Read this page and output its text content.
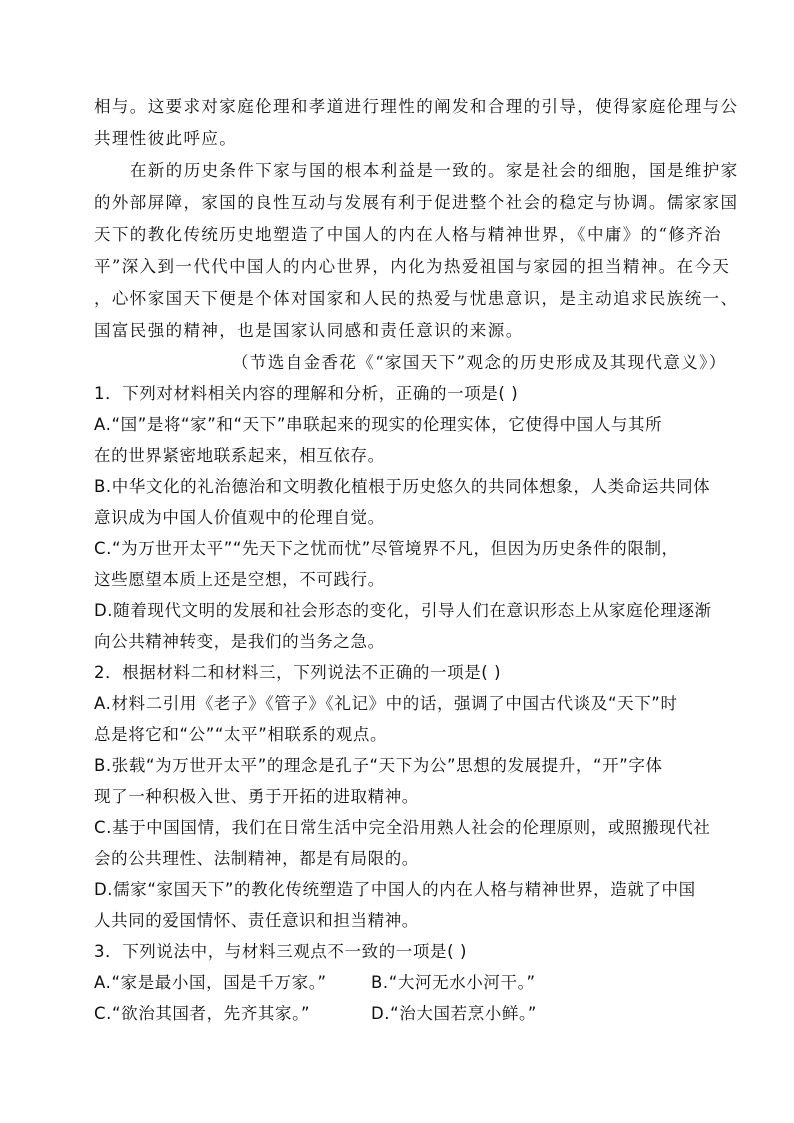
相与。这要求对家庭伦理和孝道进行理性的阐发和合理的引导，使得家庭伦理与公
共理性彼此呼应。
在新的历史条件下家与国的根本利益是一致的。家是社会的细胞，国是维护家
的外部屏障，家国的良性互动与发展有利于促进整个社会的稳定与协调。儒家家国
天下的教化传统历史地塑造了中国人的内在人格与精神世界，《中庸》的“修齐治
平”深入到一代代中国人的内心世界，内化为热爱祖国与家园的担当精神。在今天
，心怀家国天下便是个体对国家和人民的热爱与忧患意识，是主动追求民族统一、
国富民强的精神，也是国家认同感和责任意识的来源。
（节选自金香花《“家国天下”观念的历史形成及其现代意义》）
1．下列对材料相关内容的理解和分析，正确的一项是( )
A.“国”是将“家”和“天下”串联起来的现实的伦理实体，它使得中国人与其所
在的世界紧密地联系起来，相互依存。
B.中华文化的礼治德治和文明教化植根于历史悠久的共同体想象，人类命运共同体
意识成为中国人价值观中的伦理自觉。
C.“为万世开太平”“先天下之忧而忧”尽管境界不凡，但因为历史条件的限制，
这些愿望本质上还是空想，不可践行。
D.随着现代文明的发展和社会形态的变化，引导人们在意识形态上从家庭伦理逐渐
向公共精神转变，是我们的当务之急。
2．根据材料二和材料三，下列说法不正确的一项是( )
A.材料二引用《老子》《管子》《礼记》中的话，强调了中国古代谈及“天下”时
总是将它和“公”“太平”相联系的观点。
B.张载“为万世开太平”的理念是孔子“天下为公”思想的发展提升，“开”字体
现了一种积极入世、勇于开拓的进取精神。
C.基于中国国情，我们在日常生活中完全沿用熟人社会的伦理原则，或照搬现代社
会的公共理性、法制精神，都是有局限的。
D.儒家“家国天下”的教化传统塑造了中国人的内在人格与精神世界，造就了中国
人共同的爱国情怀、责任意识和担当精神。
3．下列说法中，与材料三观点不一致的一项是( )
A.“家是最小国，国是千万家。”	B.“大河无水小河干。”
C.“欲治其国者，先齐其家。”	D.“治大国若烹小鲜。”
